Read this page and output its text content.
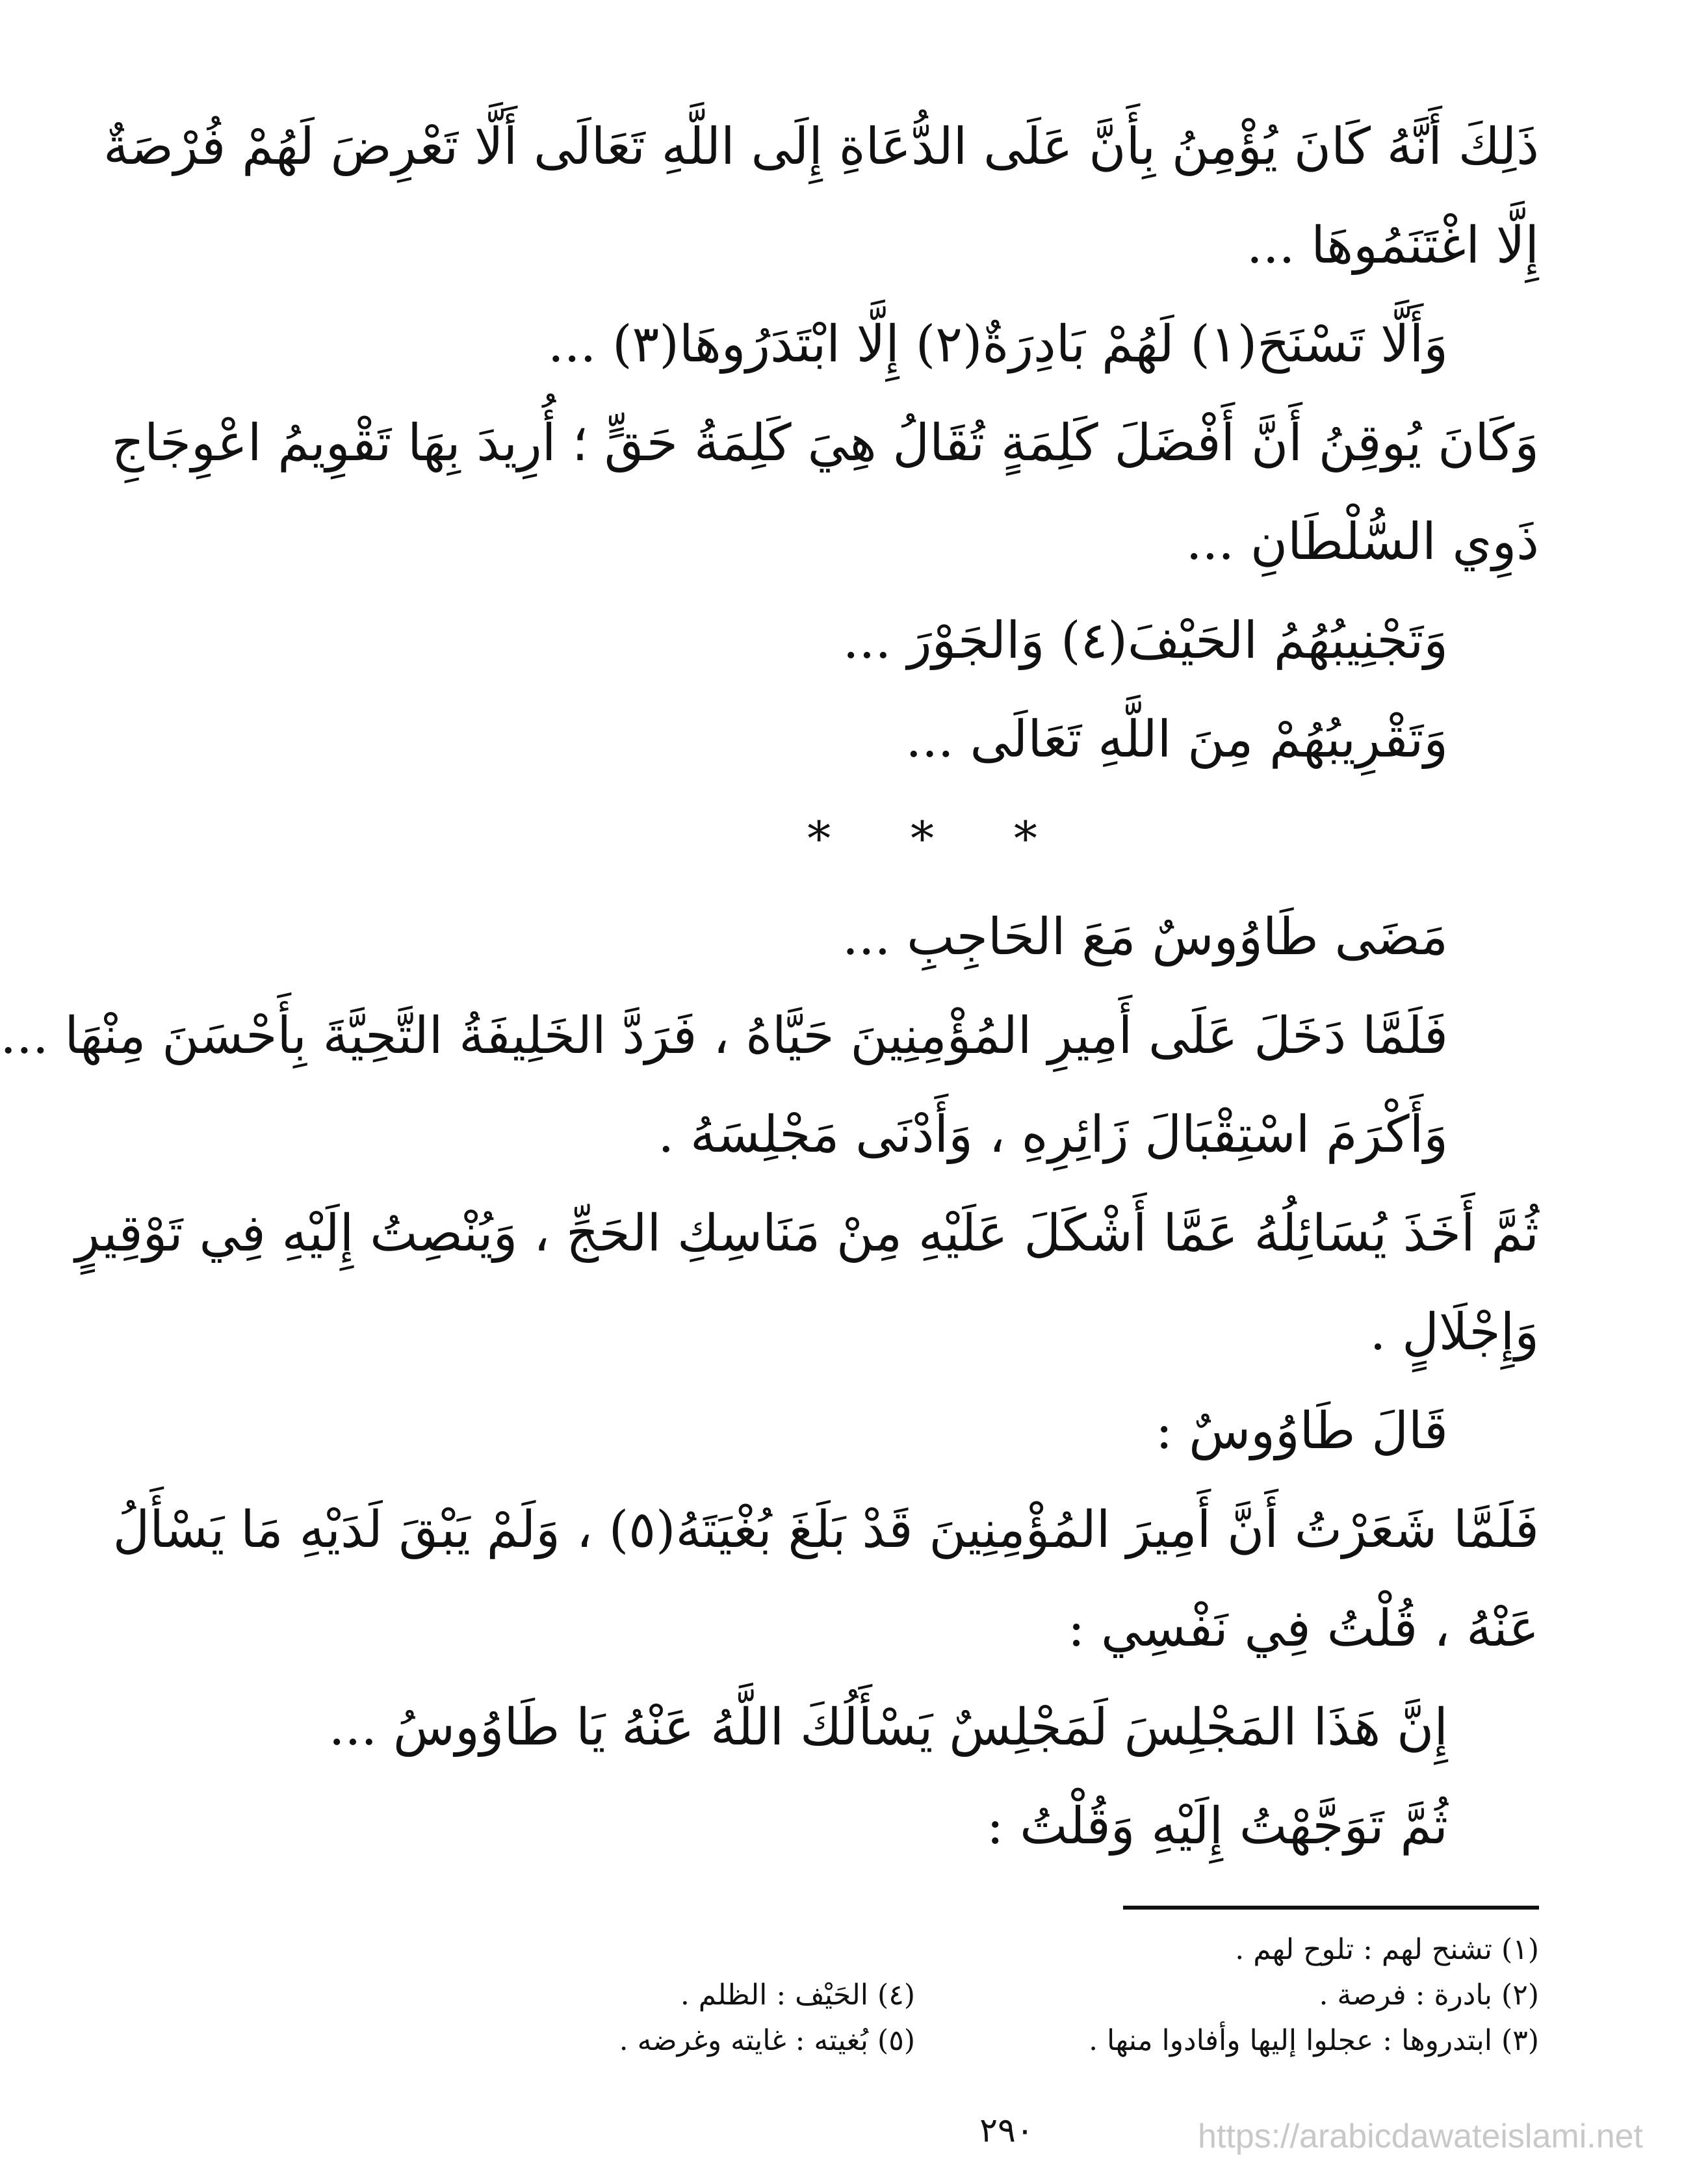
ذَلِكَ أَنَّهُ كَانَ يُؤْمِنُ بِأَنَّ عَلَى الدُّعَاةِ إِلَى اللَّهِ تَعَالَى أَلَّا تَعْرِضَ لَهُمْ فُرْصَةٌ
إِلَّا اغْتَنَمُوهَا ...
وَأَلَّا تَسْنَحَ(١) لَهُمْ بَادِرَةٌ(٢) إِلَّا ابْتَدَرُوهَا(٣) ...
وَكَانَ يُوقِنُ أَنَّ أَفْضَلَ كَلِمَةٍ تُقَالُ هِيَ كَلِمَةُ حَقٍّ ؛ أُرِيدَ بِهَا تَقْوِيمُ اعْوِجَاجِ
ذَوِي السُّلْطَانِ ...
وَتَجْنِيبُهُمُ الحَيْفَ(٤) وَالجَوْرَ ...
وَتَقْرِيبُهُمْ مِنَ اللَّهِ تَعَالَى ...
* * *
مَضَى طَاوُوسٌ مَعَ الحَاجِبِ ...
فَلَمَّا دَخَلَ عَلَى أَمِيرِ المُؤْمِنِينَ حَيَّاهُ ، فَرَدَّ الخَلِيفَةُ التَّحِيَّةَ بِأَحْسَنَ مِنْهَا ...
وَأَكْرَمَ اسْتِقْبَالَ زَائِرِهِ ، وَأَدْنَى مَجْلِسَهُ .
ثُمَّ أَخَذَ يُسَائِلُهُ عَمَّا أَشْكَلَ عَلَيْهِ مِنْ مَنَاسِكِ الحَجِّ ، وَيُنْصِتُ إِلَيْهِ فِي تَوْقِيرٍ
وَإِجْلَالٍ .
قَالَ طَاوُوسٌ :
فَلَمَّا شَعَرْتُ أَنَّ أَمِيرَ المُؤْمِنِينَ قَدْ بَلَغَ بُغْيَتَهُ(٥) ، وَلَمْ يَبْقَ لَدَيْهِ مَا يَسْأَلُ
عَنْهُ ، قُلْتُ فِي نَفْسِي :
إِنَّ هَذَا المَجْلِسَ لَمَجْلِسٌ يَسْأَلُكَ اللَّهُ عَنْهُ يَا طَاوُوسُ ...
ثُمَّ تَوَجَّهْتُ إِلَيْهِ وَقُلْتُ :
(١) تشنح لهم : تلوح لهم .
(٢) بادرة : فرصة .
(٣) ابتدروها : عجلوا إليها وأفادوا منها .
(٤) الحَيْف : الظلم .
(٥) بُغيته : غايته وغرضه .
٢٩٠	https://arabicdawateislami.net
